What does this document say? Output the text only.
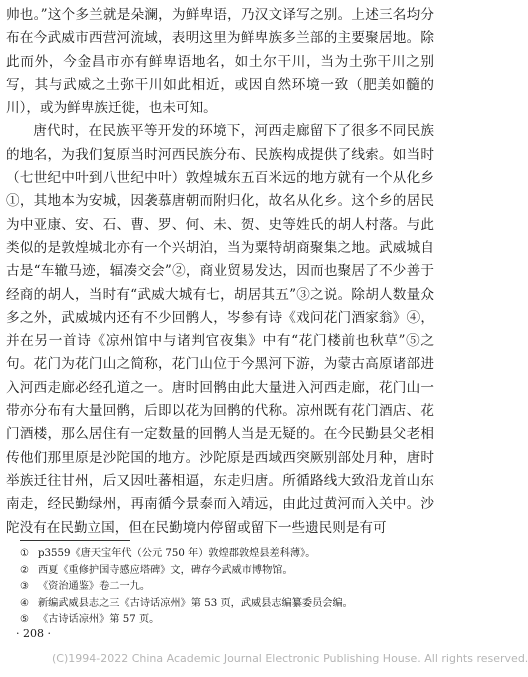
帅也。”这个多兰就是朵澜，为鲜卑语，乃汉文译写之别。上述三名均分布在今武威市西营河流域，表明这里为鲜卑族多兰部的主要聚居地。除此而外，今金昌市亦有鲜卑语地名，如土尔干川，当为土弥干川之别写，其与武威之土弥干川如此相近，或因自然环境一致（肥美如髓的川），或为鲜卑族迁徙，也未可知。

唐代时，在民族平等开发的环境下，河西走廊留下了很多不同民族的地名，为我们复原当时河西民族分布、民族构成提供了线索。如当时（七世纪中叶到八世纪中叶）敦煌城东五百米远的地方就有一个从化乡①，其地本为安城，因袭慕唐朝而附归化，故名从化乡。这个乡的居民为中亚康、安、石、曹、罗、何、未、贺、史等姓氏的胡人村落。与此类似的是敦煌城北亦有一个兴胡泊，当为粟特胡商聚集之地。武威城自古是“车辙马迹，辐凑交会”②，商业贸易发达，因而也聚居了不少善于经商的胡人，当时有“武威大城有七，胡居其五”③之说。除胡人数量众多之外，武威城内还有不少回鹘人，岑参有诗《戏问花门酒家翁》④，并在另一首诗《凉州馆中与诸判官夜集》中有“花门楼前也秋草”⑤之句。花门为花门山之简称，花门山位于今黑河下游，为蒙古高原诸部进入河西走廊必经孔道之一。唐时回鹘由此大量进入河西走廊，花门山一带亦分布有大量回鹘，后即以花为回鹘的代称。凉州既有花门酒店、花门酒楼，那么居住有一定数量的回鹘人当是无疑的。在今民勤县父老相传他们那里原是沙陀国的地方。沙陀原是西域西突厥别部处月种，唐时举族迁往甘州，后又因吐蕃相逼，东走归唐。所循路线大致沿龙首山东南走，经民勤绿州，再南循今景泰而入靖远，由此过黄河而入关中。沙陀没有在民勤立国，但在民勤境内停留或留下一些遗民则是有可

① p3559《唐天宝年代（公元 750 年）敦煌郡敦煌县差科薄》。
② 西夏《重修护国寺感应塔碑》文，碑存今武威市博物馆。
③ 《资治通鉴》卷二一九。
④ 新编武威县志之三《古诗话凉州》第 53 页，武威县志编纂委员会编。
⑤ 《古诗话凉州》第 57 页。
· 208 ·
(C)1994-2022 China Academic Journal Electronic Publishing House. All rights reserved.
